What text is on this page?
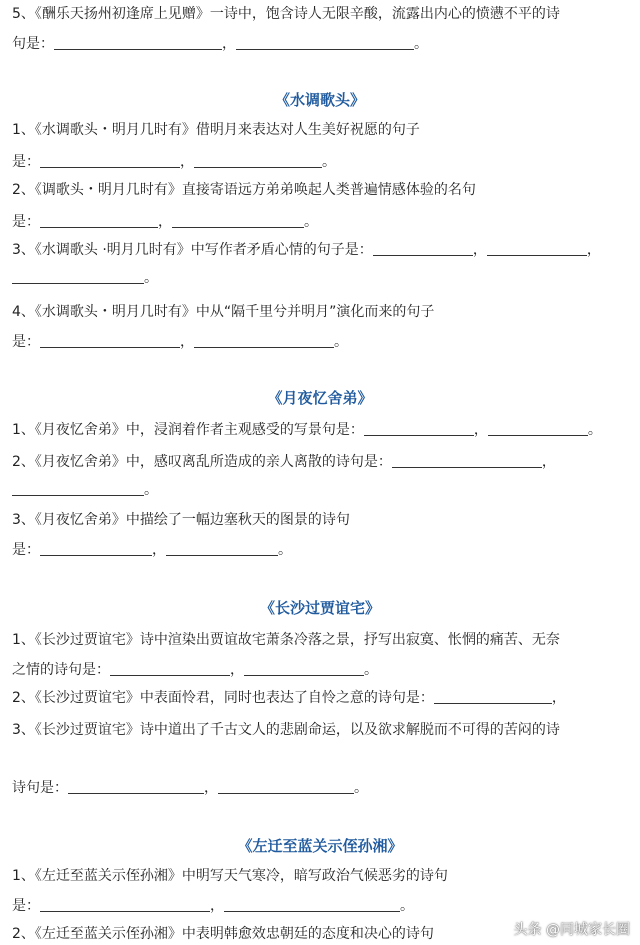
5、《酬乐天扬州初逢席上见赠》一诗中，饱含诗人无限辛酸，流露出内心的愤懑不平的诗
句是：	，	。
《水调歌头》
1、《水调歌头・明月几时有》借明月来表达对人生美好祝愿的句子
是：	，	。
2、《调歌头・明月几时有》直接寄语远方弟弟唤起人类普遍情感体验的名句
是：	，	。
3、《水调歌头 ·明月几时有》中写作者矛盾心情的句子是：	，	，
。
4、《水调歌头・明月几时有》中从“隔千里兮并明月”演化而来的句子
是：	，	。
《月夜忆舍弟》
1、《月夜忆舍弟》中，浸润着作者主观感受的写景句是：	，	。
2、《月夜忆舍弟》中，感叹离乱所造成的亲人离散的诗句是：	，
。
3、《月夜忆舍弟》中描绘了一幅边塞秋天的图景的诗句
是：	，	。
《长沙过贾谊宅》
1、《长沙过贾谊宅》诗中渲染出贾谊故宅萧条冷落之景，抒写出寂寞、怅惘的痛苦、无奈
之情的诗句是：	，	。
2、《长沙过贾谊宅》中表面怜君，同时也表达了自怜之意的诗句是：	，
3、《长沙过贾谊宅》诗中道出了千古文人的悲剧命运，以及欲求解脱而不可得的苦闷的诗
诗句是：	，	。
《左迁至蓝关示侄孙湘》
1、《左迁至蓝关示侄孙湘》中明写天气寒冷，暗写政治气候恶劣的诗句
是：	，	。
2、《左迁至蓝关示侄孙湘》中表明韩愈效忠朝廷的态度和决心的诗句	头条 @同城家长圈
